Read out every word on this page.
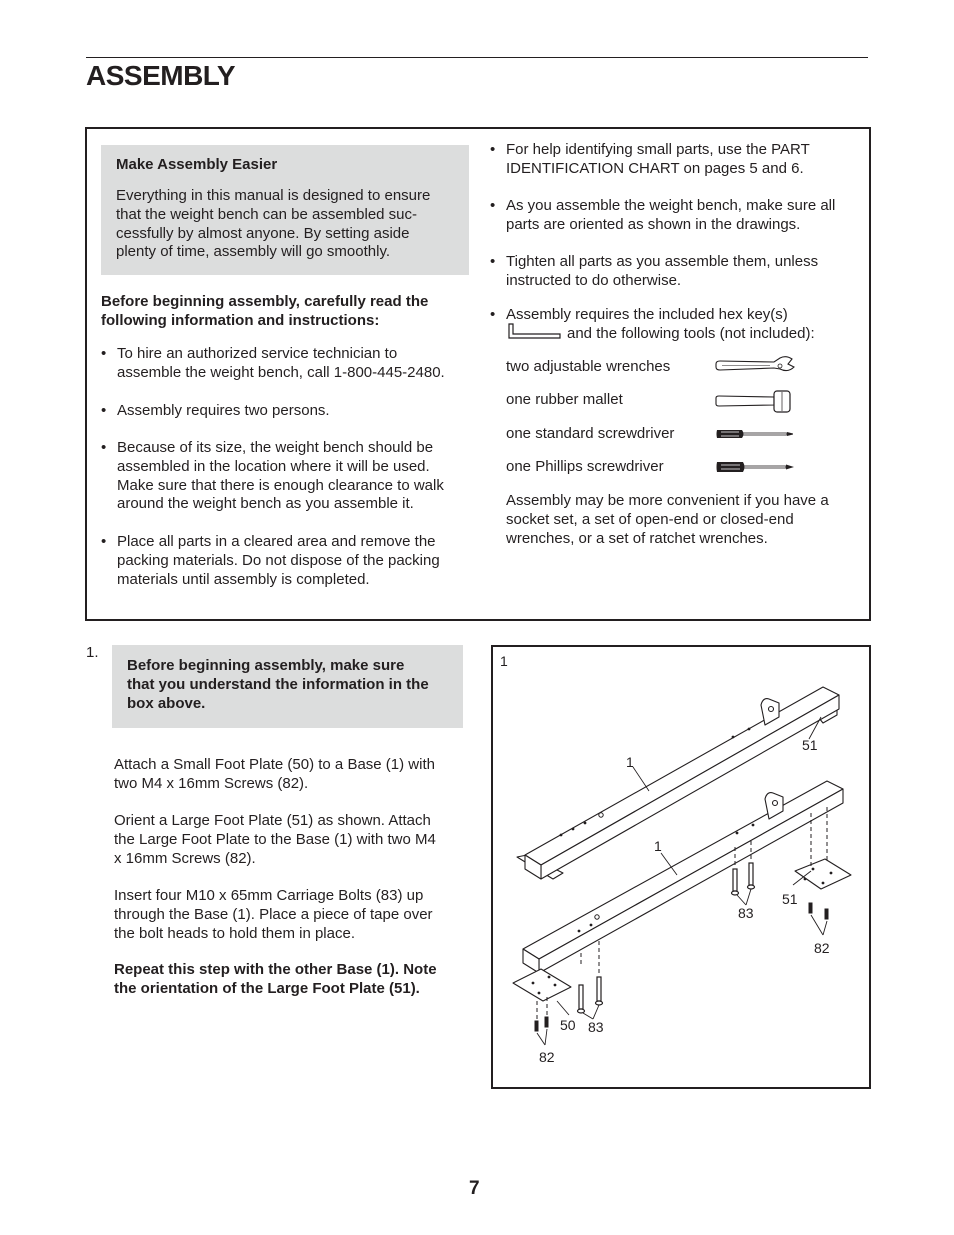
ASSEMBLY
Make Assembly Easier
Everything in this manual is designed to ensure
that the weight bench can be assembled suc-
cessfully by almost anyone. By setting aside
plenty of time, assembly will go smoothly.
Before beginning assembly, carefully read the
following information and instructions:
• To hire an authorized service technician to
assemble the weight bench, call 1-800-445-2480.
• Assembly requires two persons.
• Because of its size, the weight bench should be
assembled in the location where it will be used.
Make sure that there is enough clearance to walk
around the weight bench as you assemble it.
• Place all parts in a cleared area and remove the
packing materials. Do not dispose of the packing
materials until assembly is completed.
• For help identifying small parts, use the PART
IDENTIFICATION CHART on pages 5 and 6.
• As you assemble the weight bench, make sure all
parts are oriented as shown in the drawings.
• Tighten all parts as you assemble them, unless
instructed to do otherwise.
• Assembly requires the included hex key(s)
and the following tools (not included):
two adjustable wrenches
one rubber mallet
one standard screwdriver
one Phillips screwdriver
Assembly may be more convenient if you have a
socket set, a set of open-end or closed-end
wrenches, or a set of ratchet wrenches.
1.
Before beginning assembly, make sure
that you understand the information in the
box above.
Attach a Small Foot Plate (50) to a Base (1) with
two M4 x 16mm Screws (82).
Orient a Large Foot Plate (51) as shown. Attach
the Large Foot Plate to the Base (1) with two M4
x 16mm Screws (82).
Insert four M10 x 65mm Carriage Bolts (83) up
through the Base (1). Place a piece of tape over
the bolt heads to hold them in place.
Repeat this step with the other Base (1). Note
the orientation of the Large Foot Plate (51).
1
1
1
51
51
83
83
82
82
50
7
